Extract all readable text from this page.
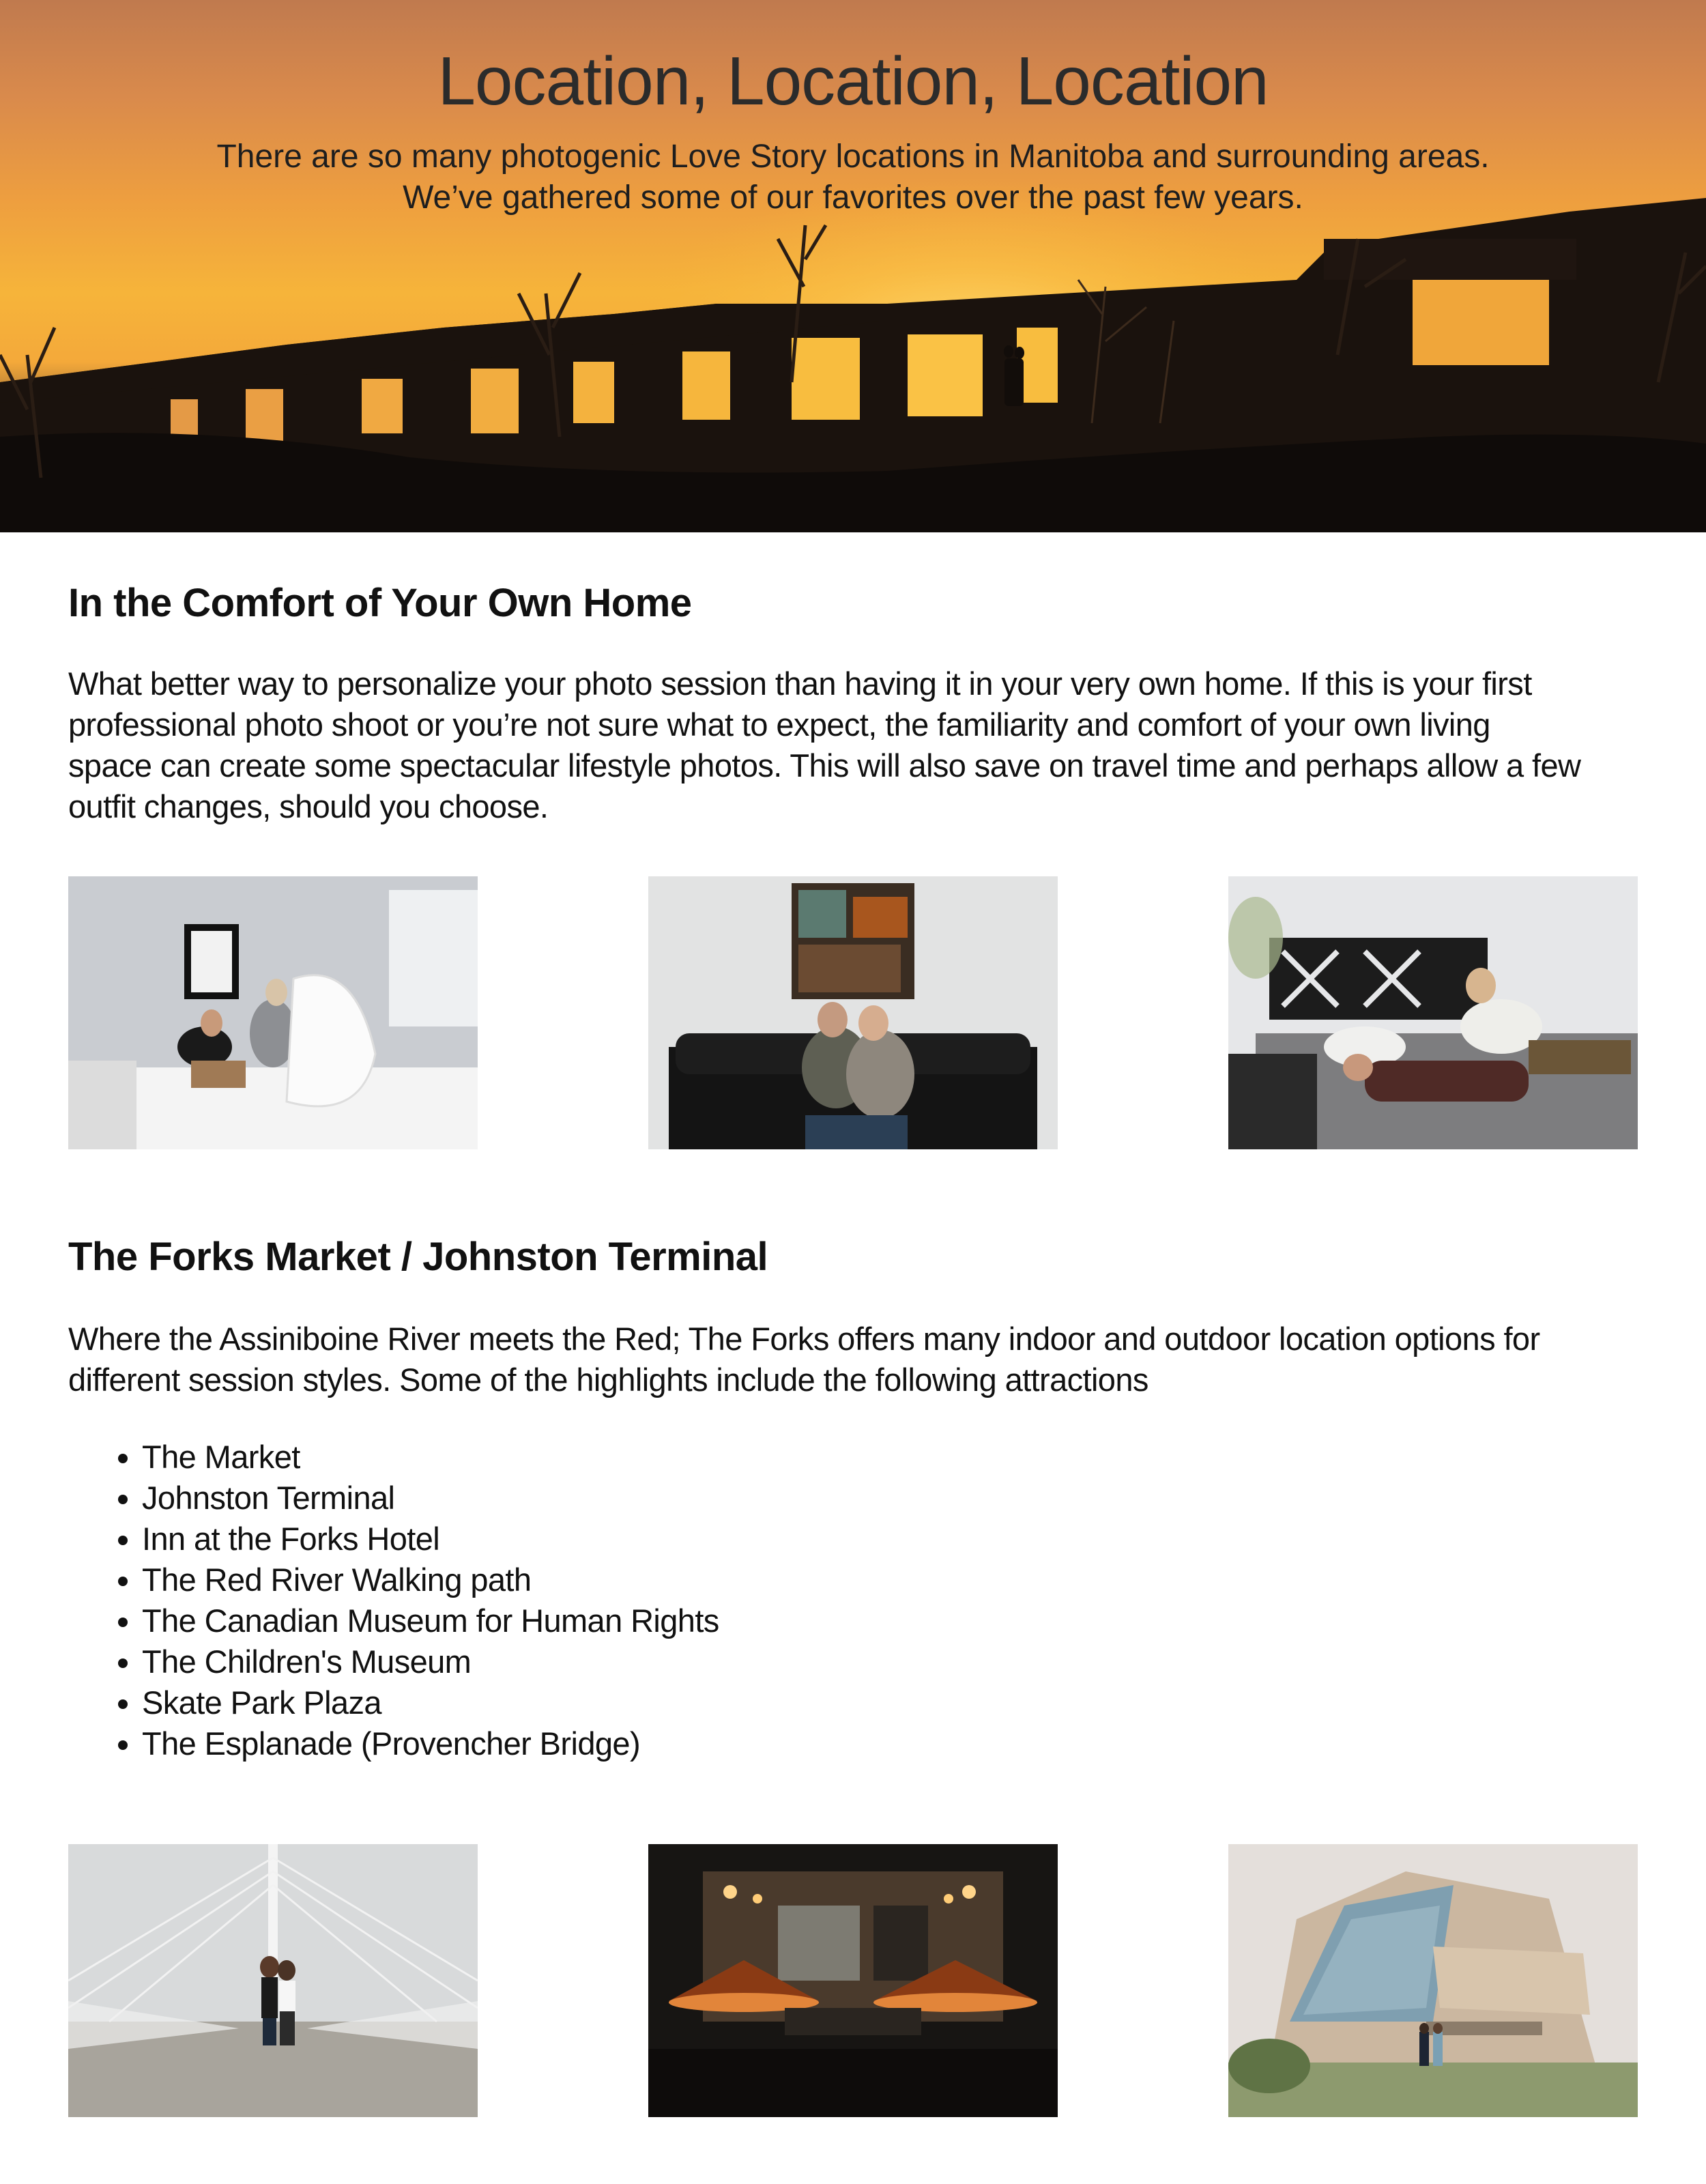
Location, Location, Location
There are so many photogenic Love Story locations in Manitoba and surrounding areas.
We’ve gathered some of our favorites over the past few years.
In the Comfort of Your Own Home
What better way to personalize your photo session than having it in your very own home. If this is your first
professional photo shoot or you’re not sure what to expect, the familiarity and comfort of your own living
space can create some spectacular lifestyle photos. This will also save on travel time and perhaps allow a few
outfit changes, should you choose.
The Forks Market / Johnston Terminal
Where the Assiniboine River meets the Red; The Forks offers many indoor and outdoor location options for
different session styles. Some of the highlights include the following attractions
• The Market
• Johnston Terminal
• Inn at the Forks Hotel
• The Red River Walking path
• The Canadian Museum for Human Rights
• The Children's Museum
• Skate Park Plaza
• The Esplanade (Provencher Bridge)
